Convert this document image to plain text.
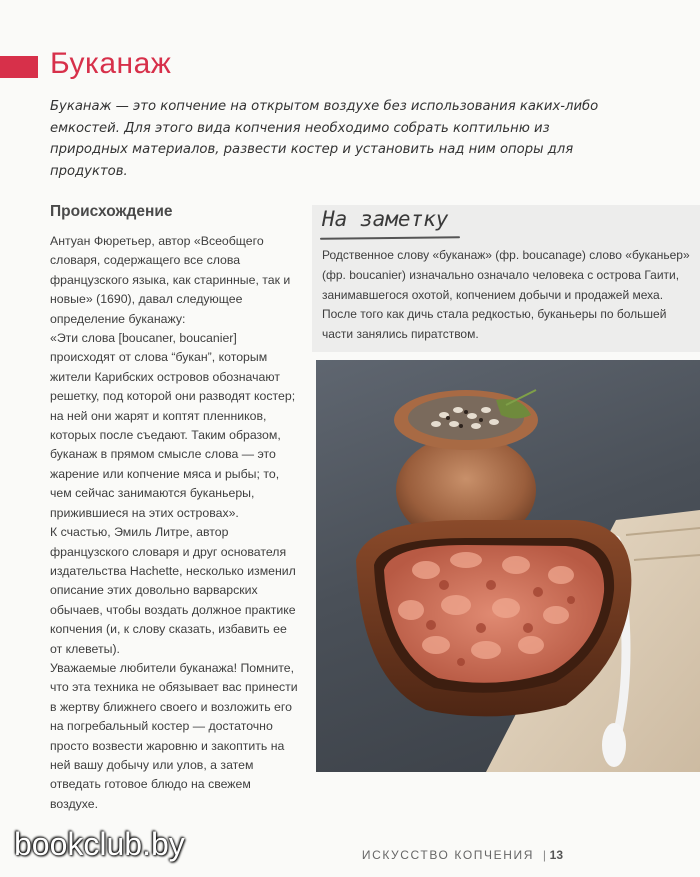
Буканаж

Буканаж — это копчение на открытом воздухе без использования каких-либо емкостей. Для этого вида копчения необходимо собрать коптильню из природных материалов, развести костер и установить над ним опоры для продуктов.

Происхождение

Антуан Фюретьер, автор «Всеобщего словаря, содержащего все слова французского языка, как старинные, так и новые» (1690), давал следующее определение буканажу:

«Эти слова [boucaner, boucanier] происходят от слова “букан”, которым жители Карибских островов обозначают решетку, под которой они разводят костер; на ней они жарят и коптят пленников, которых после съедают. Таким образом, буканаж в прямом смысле слова — это жарение или копчение мяса и рыбы; то, чем сейчас занимаются буканьеры, прижившиеся на этих островах».

К счастью, Эмиль Литре, автор французского словаря и друг основателя издательства Hachette, несколько изменил описание этих довольно варварских обычаев, чтобы воздать должное практике копчения (и, к слову сказать, избавить ее от клеветы).

Уважаемые любители буканажа! Помните, что эта техника не обязывает вас принести в жертву ближнего своего и возложить его на погребальный костер — достаточно просто возвести жаровню и закоптить на ней вашу добычу или улов, а затем отведать готовое блюдо на свежем воздухе.

На заметку

Родственное слову «буканаж» (фр. boucanage) слово «буканьер» (фр. boucanier) изначально означало человека с острова Гаити, занимавшегося охотой, копчением добычи и продажей меха. После того как дичь стала редкостью, буканьеры по большей части занялись пиратством.

bookclub.by	ИСКУССТВО КОПЧЕНИЯ | 13
